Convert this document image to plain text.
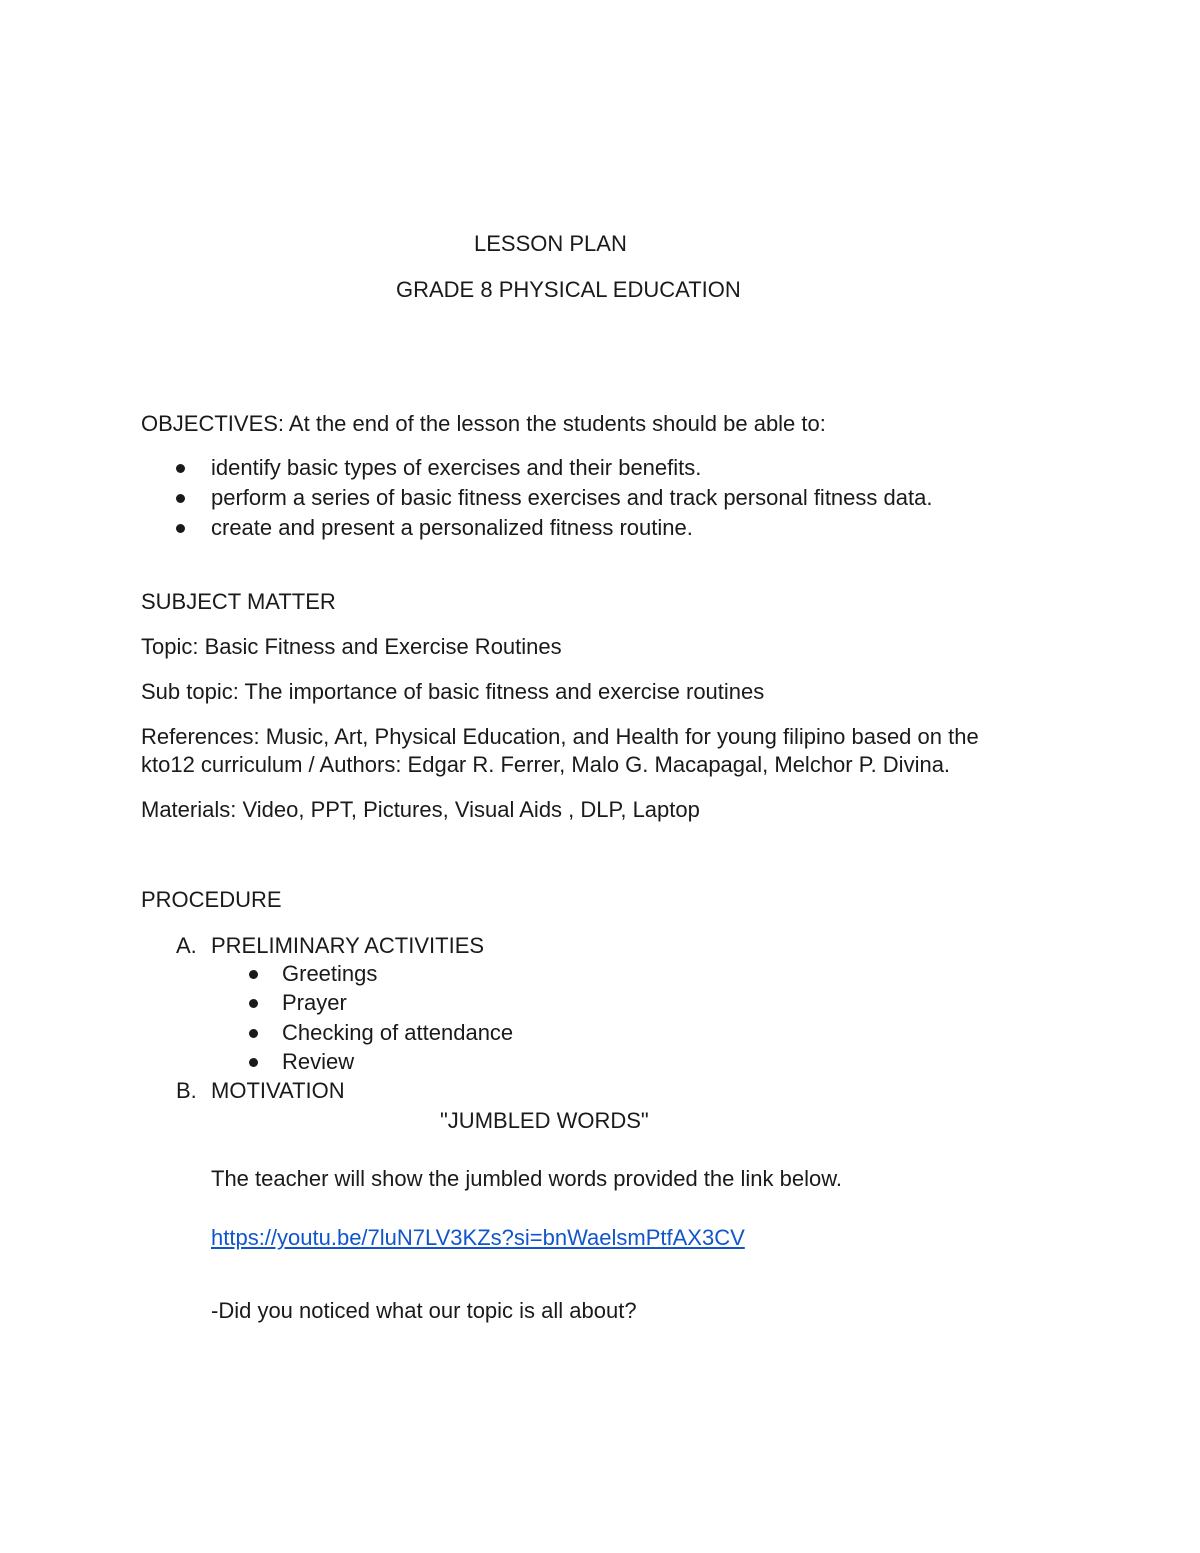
LESSON PLAN
GRADE 8 PHYSICAL EDUCATION
OBJECTIVES: At the end of the lesson the students should be able to:
identify basic types of exercises and their benefits.
perform a series of basic fitness exercises and track personal fitness data.
create and present a personalized fitness routine.
SUBJECT MATTER
Topic: Basic Fitness and Exercise Routines
Sub topic: The importance of basic fitness and exercise routines
References: Music, Art, Physical Education, and Health for young filipino based on the
kto12 curriculum / Authors: Edgar R. Ferrer, Malo G. Macapagal, Melchor P. Divina.
Materials: Video, PPT, Pictures, Visual Aids , DLP, Laptop
PROCEDURE
A. PRELIMINARY ACTIVITIES
Greetings
Prayer
Checking of attendance
Review
B. MOTIVATION
"JUMBLED WORDS"
The teacher will show the jumbled words provided the link below.
https://youtu.be/7luN7LV3KZs?si=bnWaelsmPtfAX3CV
-Did you noticed what our topic is all about?
